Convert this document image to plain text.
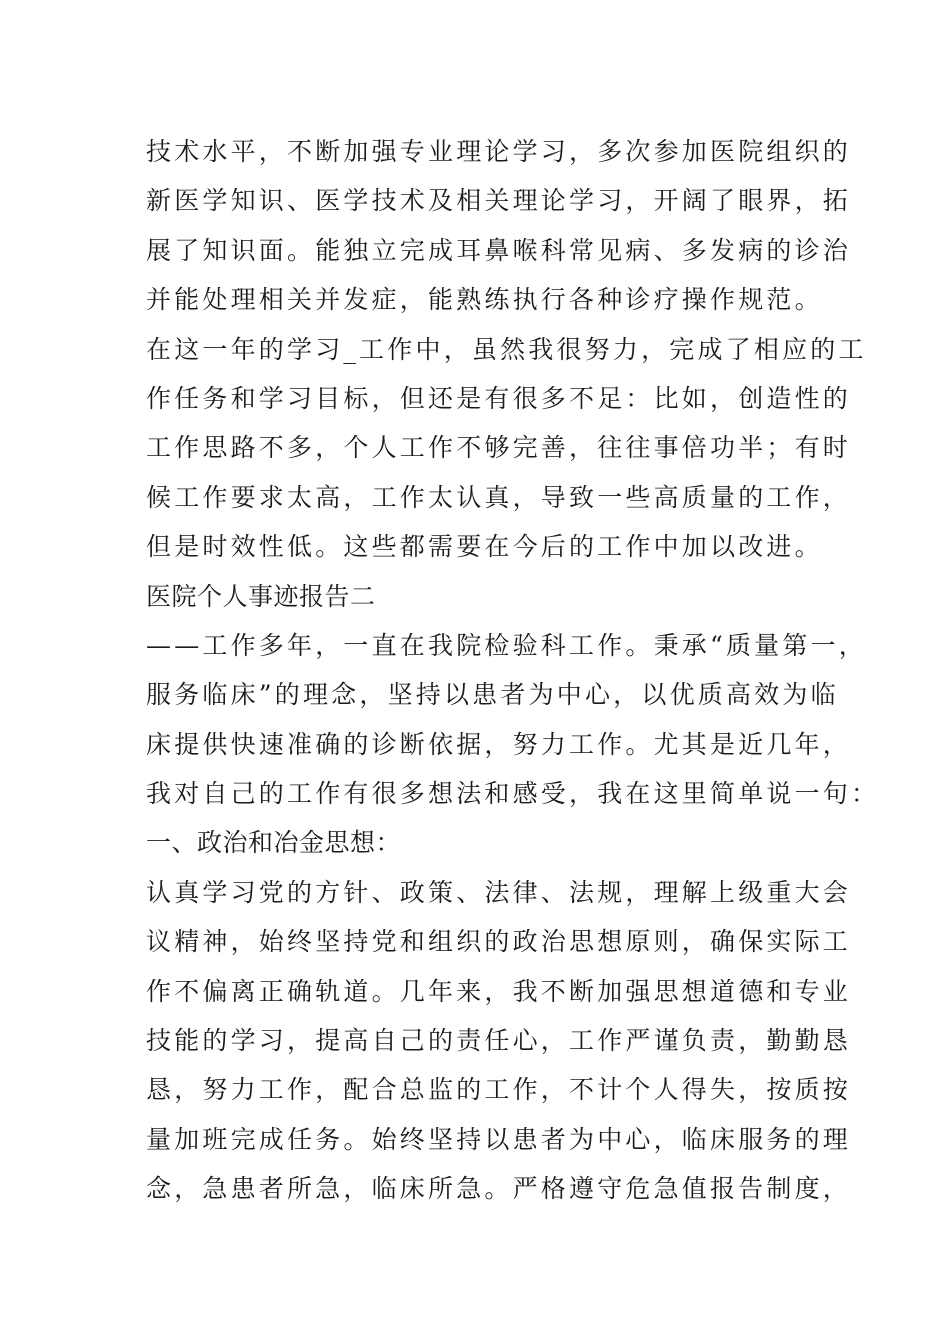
技术水平，不断加强专业理论学习，多次参加医院组织的
新医学知识、医学技术及相关理论学习，开阔了眼界，拓
展了知识面。能独立完成耳鼻喉科常见病、多发病的诊治
并能处理相关并发症，能熟练执行各种诊疗操作规范。
在这一年的学习_工作中，虽然我很努力，完成了相应的工
作任务和学习目标，但还是有很多不足：比如，创造性的
工作思路不多，个人工作不够完善，往往事倍功半；有时
候工作要求太高，工作太认真，导致一些高质量的工作，
但是时效性低。这些都需要在今后的工作中加以改进。
医院个人事迹报告二
——工作多年，一直在我院检验科工作。秉承“质量第一，
服务临床”的理念，坚持以患者为中心，以优质高效为临
床提供快速准确的诊断依据，努力工作。尤其是近几年，
我对自己的工作有很多想法和感受，我在这里简单说一句：
一、政治和冶金思想：
认真学习党的方针、政策、法律、法规，理解上级重大会
议精神，始终坚持党和组织的政治思想原则，确保实际工
作不偏离正确轨道。几年来，我不断加强思想道德和专业
技能的学习，提高自己的责任心，工作严谨负责，勤勤恳
恳，努力工作，配合总监的工作，不计个人得失，按质按
量加班完成任务。始终坚持以患者为中心，临床服务的理
念，急患者所急，临床所急。严格遵守危急值报告制度，
